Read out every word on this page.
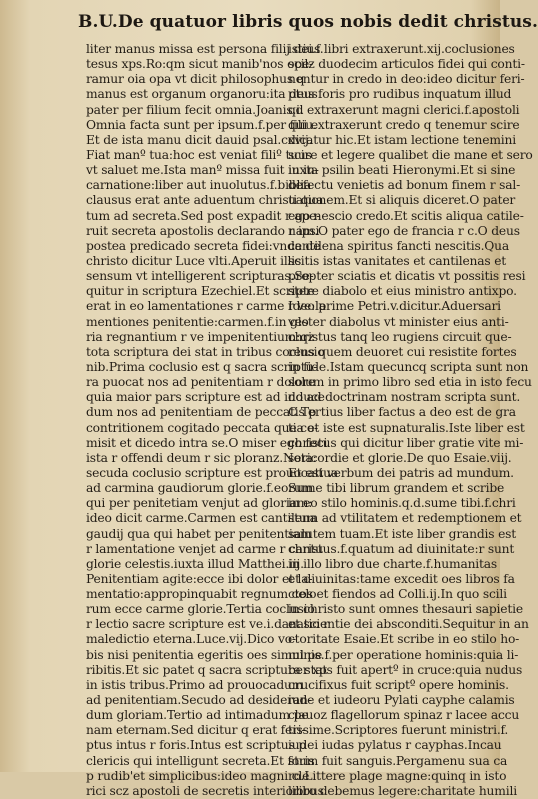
B.U.De quatuor libris quos nobis dedit christus.
liter manus missa est persona filij dei.f.
tesus xps.Ro:qm sicut manib'nos ope-
ramur oia opa vt dicit philosophus q
manus est organum organoru:ita deus
pater per filium fecit omnia.Joanis.i.
Omnia facta sunt per ipsum.f.per filiu.
Et de ista manu dicit dauid psal.cxvij.
Fiat manº tua:hoc est veniat filiº tuus
vt saluet me.Ista manº missa fuit in in-
carnatione:liber aut inuolutus.f.biblia
clausus erat ante aduentum christi qua
tum ad secreta.Sed post expadit r ape-
ruit secreta apostolis declarando r ipsi
postea predicado secreta fidei:vnde de
christo dicitur Luce vlti.Aperuit illis
sensum vt intelligerent scripturas.Se-
quitur in scriptura Ezechiel.Et scripte
erat in eo lamentationes r carme r ve:la
mentiones penitentie:carmen.f.in glo
ria regnantium r ve impenitentium:qz
tota scriptura dei stat in tribus coclusio
nib.Prima coclusio est q sacra scriptu-
ra puocat nos ad penitentiam r dolore
quia maior pars scripture est ad induce
dum nos ad penitentiam de peccatis p
contritionem cogitado peccata que co-
misit et dicedo intra se.O miser ego feci
ista r offendi deum r sic ploranz.Nota:
secuda coclusio scripture est prouocatiua
ad carmina gaudiorum glorie.f.eorum
qui per penitetiam venjut ad gloriam:
ideo dicit carme.Carmen est cantilena
gaudij qua qui habet per penitentiam
r lamentatione venjet ad carme r cantu
glorie celestis.iuxta illud Matthei.iij.
Penitentiam agite:ecce ibi dolor et la-
mentatio:appropinquabit regnum celo
rum ecce carme glorie.Tertia coclusio
r lectio sacre scripture est ve.i.danatio r
maledictio eterna.Luce.vij.Dico vo-
bis nisi penitentia egeritis oes simul pe
ribitis.Et sic patet q sacra scriptura stat
in istis tribus.Primo ad prouocadum
ad penitentiam.Secudo ad desideran-
dum gloriam.Tertio ad intimadum pe
nam eternam.Sed dicitur q erat feri-
ptus intus r foris.Intus est scriptus p
clericis qui intelligunt secreta.Et foris
p rudib'et simplicibus:ideo magni cle
rici scz apostoli de secretis interioribus
istius libri extraxerunt.xij.coclusiones
scilz duodecim articulos fidei qui conti-
nentur in credo in deo:ideo dicitur feri-
ptus foris pro rudibus inquatum illud
qd extraxerunt magni clerici.f.apostoli
qui extraxerunt credo q tenemur scire
dicatur hic.Et istam lectione tenemini
scire et legere qualibet die mane et sero
iuxta psilin beati Hieronymi.Et si sine
defectu venietis ad bonum finem r sal-
uationem.Et si aliquis diceret.O pater
ego nescio credo.Et scitis aliqua catile-
nam.O pater ego de francia r c.O deus
cantilena spiritus fancti nescitis.Qua
scitis istas vanitates et cantilenas et
propter sciatis et dicatis vt possitis resi
stere diabolo et eius ministro antixpo.
Ideo prime Petri.v.dicitur.Aduersari
vester diabolus vt minister eius anti-
christus tanq leo rugiens circuit que-
rens quem deuoret cui resistite fortes
in fide.Istam quecuncq scripta sunt non
solum in primo libro sed etia in isto fecu
do ad doctrinam nostram scripta sunt.
C Tertius liber factus a deo est de gra
tia et iste est supnaturalis.Iste liber est
christus qui dicitur liber gratie vite mi-
sericordie et glorie.De quo Esaie.viij.
Et est verbum dei patris ad mundum.
Sume tibi librum grandem et scribe
in eo stilo hominis.q.d.sume tibi.f.chri
stum ad vtilitatem et redemptionem et
salutem tuam.Et iste liber grandis est
christus.f.quatum ad diuinitate:r sunt
in illo libro due charte.f.humanitas
et diuinitas:tame excedit oes libros fa
ctos et fiendos ad Colli.ij.In quo scili
in christo sunt omnes thesauri sapietie
et scientie dei absconditi.Sequitur in an
ctoritate Esaie.Et scribe in eo stilo ho-
minis.f.per operatione hominis:quia li-
ber xps fuit apertº in cruce:quia nudus
crucifixus fuit scriptº opere hominis.
iude et iudeoru Pylati cayphe calamis
clauoz flagellorum spinaz r lacee accu
tissime.Scriptores fuerunt ministri.f.
iudei iudas pylatus r cayphas.Incau
stum fuit sanguis.Pergamenu sua ca
ro.Littere plage magne:quinq in isto
libro debemus legere:charitate humili
